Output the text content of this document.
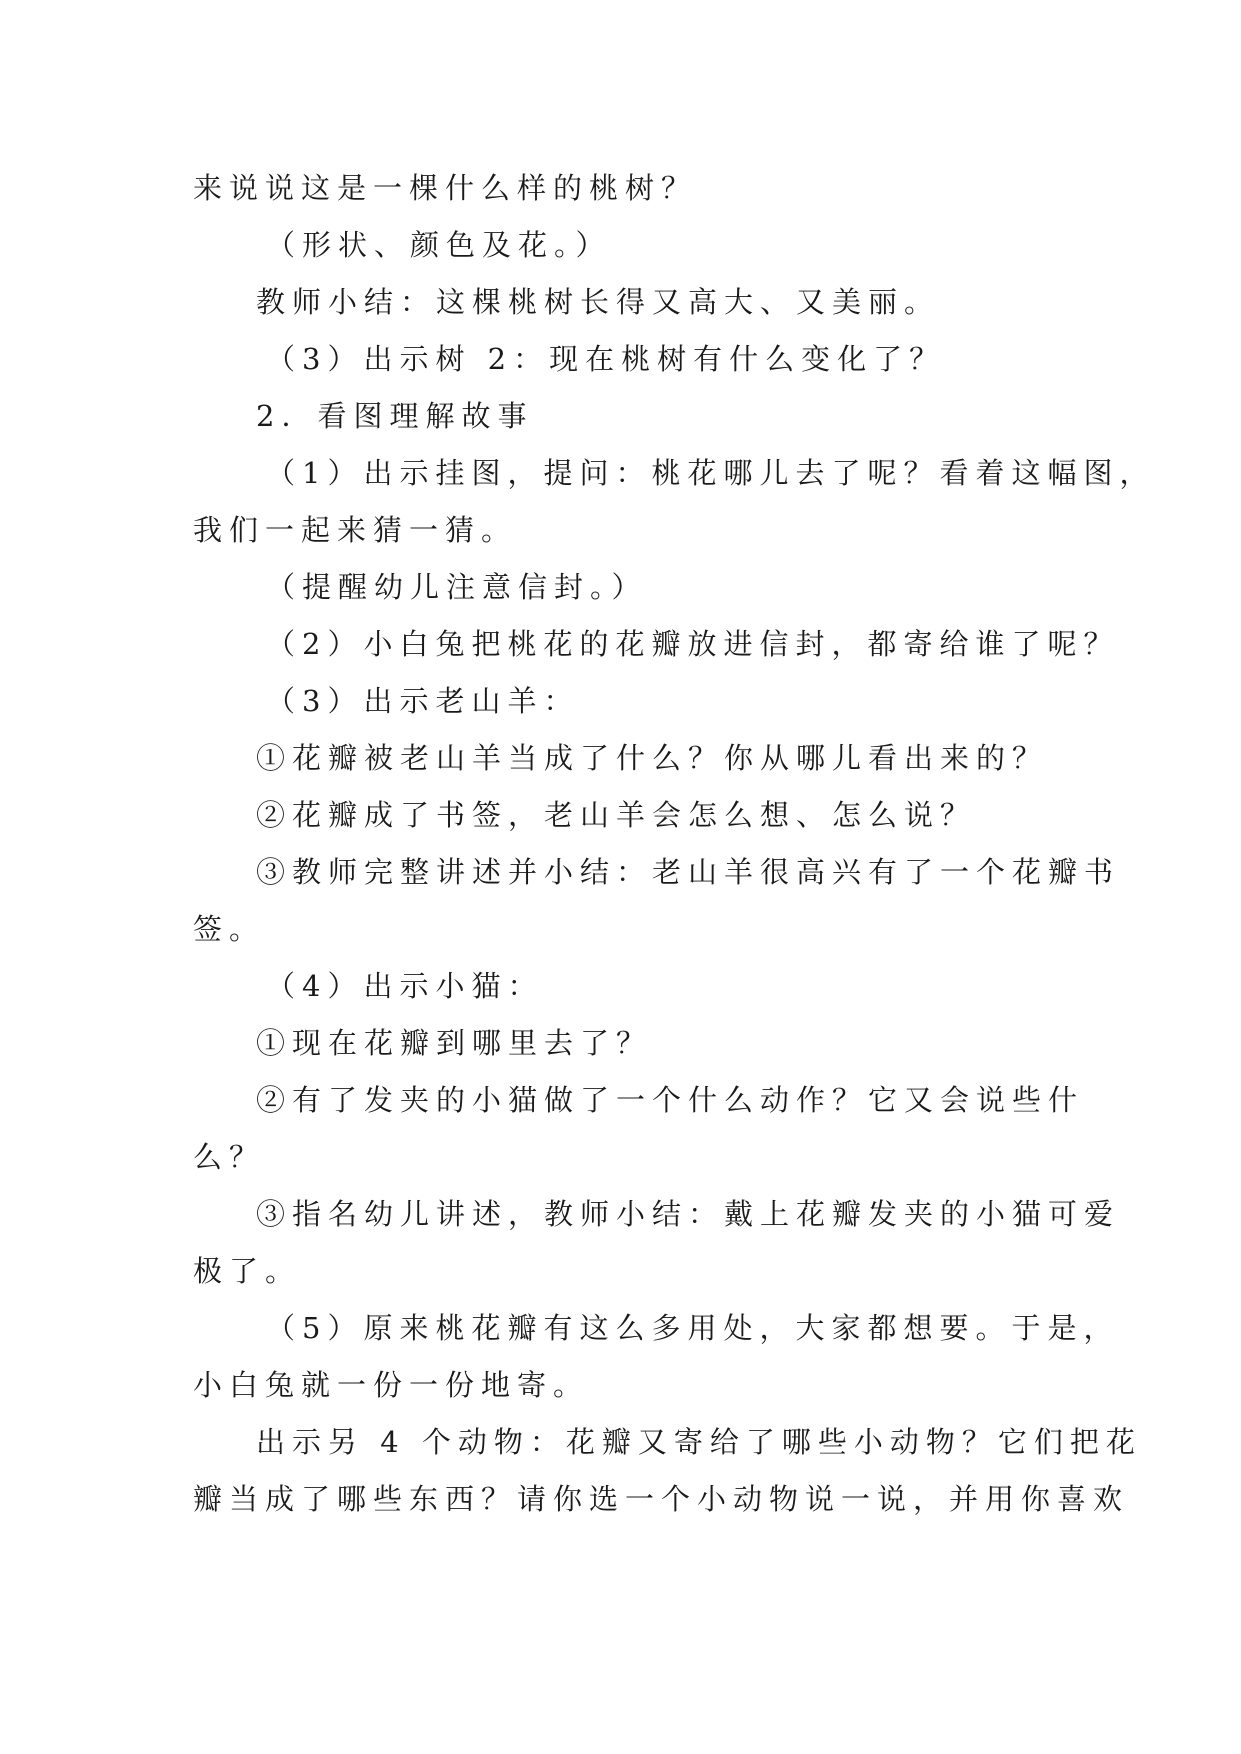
来说说这是一棵什么样的桃树？
（形状、颜色及花。）
教师小结：这棵桃树长得又高大、又美丽。
（3）出示树 2：现在桃树有什么变化了？
2．看图理解故事
（1）出示挂图，提问：桃花哪儿去了呢？看着这幅图，
我们一起来猜一猜。
（提醒幼儿注意信封。）
（2）小白兔把桃花的花瓣放进信封，都寄给谁了呢？
（3）出示老山羊：
①花瓣被老山羊当成了什么？你从哪儿看出来的？
②花瓣成了书签，老山羊会怎么想、怎么说？
③教师完整讲述并小结：老山羊很高兴有了一个花瓣书
签。
（4）出示小猫：
①现在花瓣到哪里去了？
②有了发夹的小猫做了一个什么动作？它又会说些什
么？
③指名幼儿讲述，教师小结：戴上花瓣发夹的小猫可爱
极了。
（5）原来桃花瓣有这么多用处，大家都想要。于是，
小白兔就一份一份地寄。
出示另 4 个动物：花瓣又寄给了哪些小动物？它们把花
瓣当成了哪些东西？请你选一个小动物说一说，并用你喜欢
